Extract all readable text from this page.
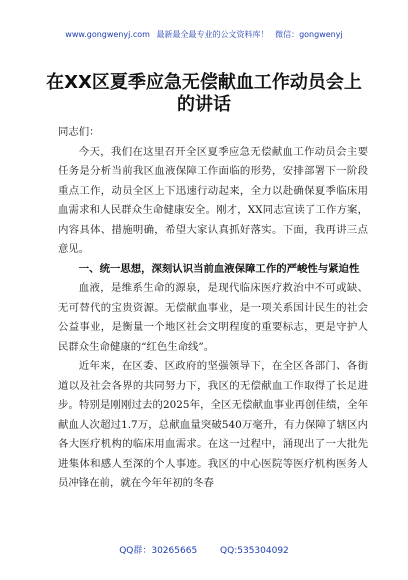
www.gongwenyj.com 最新最全最专业的公文资料库！ 微信：gongwenyj
在XX区夏季应急无偿献血工作动员会上的讲话

同志们：

今天，我们在这里召开全区夏季应急无偿献血工作动员会主要任务是分析当前我区血液保障工作面临的形势，安排部署下一阶段重点工作，动员全区上下迅速行动起来，全力以赴确保夏季临床用血需求和人民群众生命健康安全。刚才，XX同志宣读了工作方案，内容具体、措施明确，希望大家认真抓好落实。下面，我再讲三点意见。

一、统一思想，深刻认识当前血液保障工作的严峻性与紧迫性

血液，是维系生命的源泉，是现代临床医疗救治中不可或缺、无可替代的宝贵资源。无偿献血事业，是一项关系国计民生的社会公益事业，是衡量一个地区社会文明程度的重要标志，更是守护人民群众生命健康的“红色生命线”。

近年来，在区委、区政府的坚强领导下，在全区各部门、各街道以及社会各界的共同努力下，我区的无偿献血工作取得了长足进步。特别是刚刚过去的2025年，全区无偿献血事业再创佳绩，全年献血人次超过1.7万，总献血量突破540万毫升，有力保障了辖区内各大医疗机构的临床用血需求。在这一过程中，涌现出了一大批先进集体和感人至深的个人事迹。我区的中心医院等医疗机构医务人员冲锋在前，就在今年年初的冬春

QQ群：30265665	QQ:535304092
